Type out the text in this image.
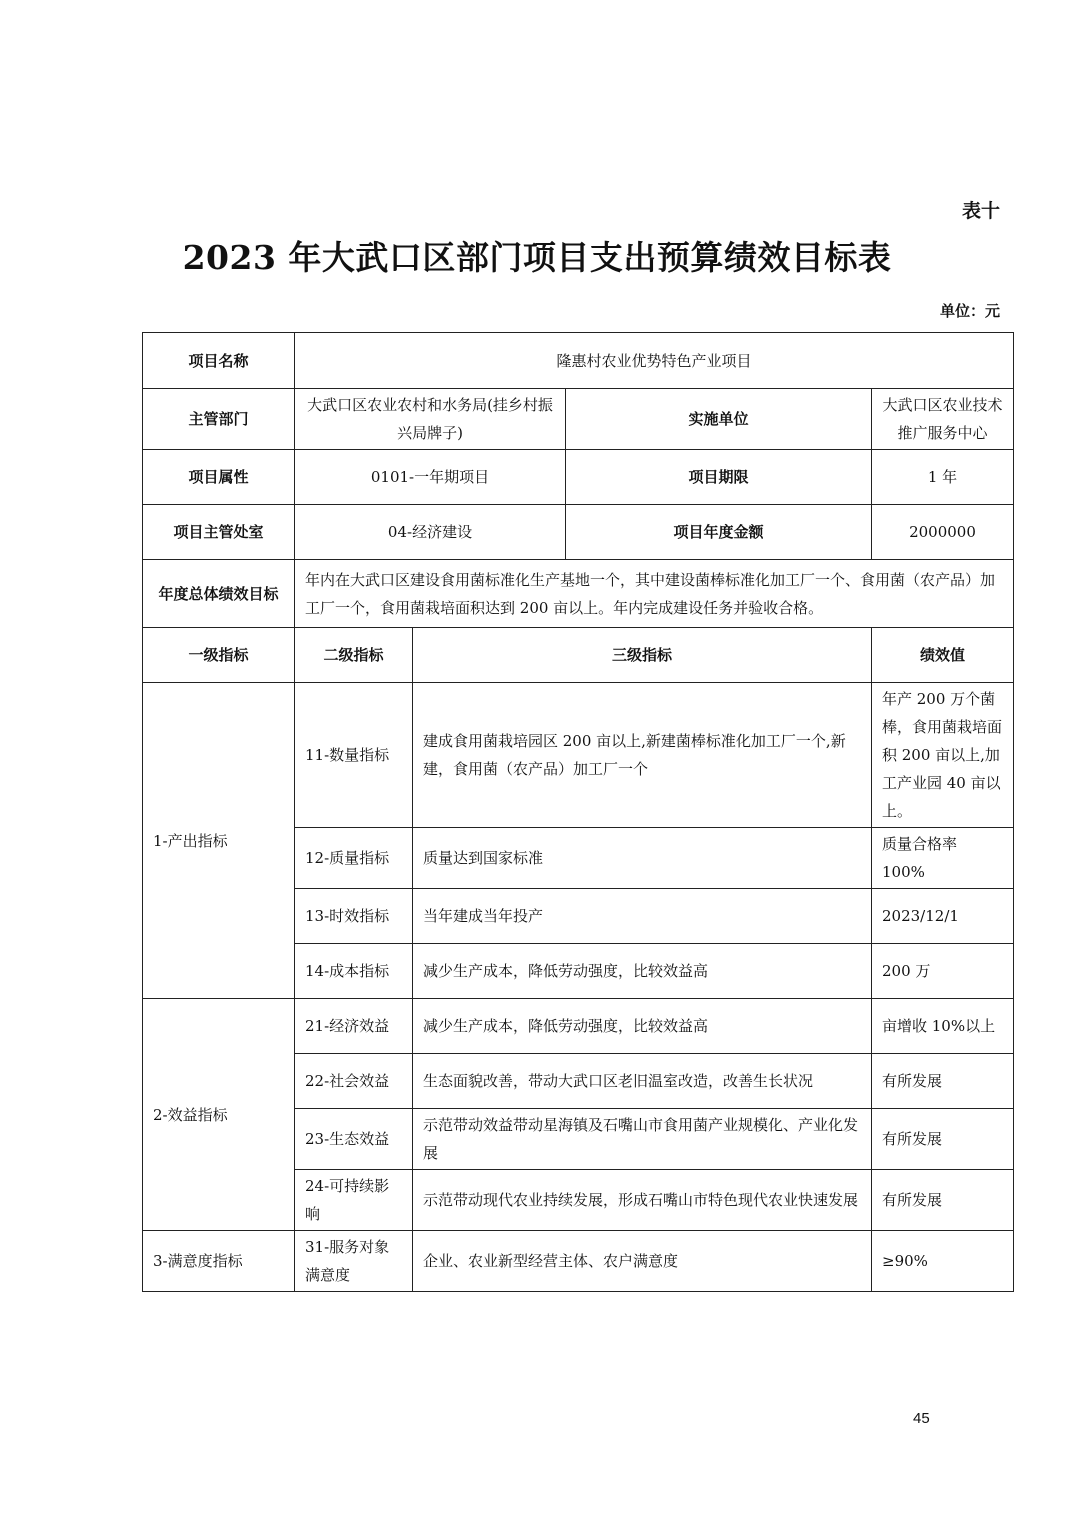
表十
2023 年大武口区部门项目支出预算绩效目标表
单位：元
项目名称	隆惠村农业优势特色产业项目			
主管部门	大武口区农业农村和水务局(挂乡村振兴局牌子)		实施单位	大武口区农业技术推广服务中心
项目属性	0101-一年期项目		项目期限	1 年
项目主管处室	04-经济建设		项目年度金额	2000000
年度总体绩效目标	年内在大武口区建设食用菌标准化生产基地一个，其中建设菌棒标准化加工厂一个、食用菌（农产品）加工厂一个，食用菌栽培面积达到 200 亩以上。年内完成建设任务并验收合格。			
一级指标	二级指标	三级指标		绩效值
1-产出指标	11-数量指标	建成食用菌栽培园区 200 亩以上,新建菌棒标准化加工厂一个,新建，食用菌（农产品）加工厂一个		年产 200 万个菌棒，食用菌栽培面积 200 亩以上,加工产业园 40 亩以上。
	12-质量指标	质量达到国家标准		质量合格率 100%
	13-时效指标	当年建成当年投产		2023/12/1
	14-成本指标	减少生产成本，降低劳动强度，比较效益高		200 万
2-效益指标	21-经济效益	减少生产成本，降低劳动强度，比较效益高		亩增收 10%以上
	22-社会效益	生态面貌改善，带动大武口区老旧温室改造，改善生长状况		有所发展
	23-生态效益	示范带动效益带动星海镇及石嘴山市食用菌产业规模化、产业化发展		有所发展
	24-可持续影响	示范带动现代农业持续发展，形成石嘴山市特色现代农业快速发展		有所发展
3-满意度指标	31-服务对象满意度	企业、农业新型经营主体、农户满意度		≥90%
45
